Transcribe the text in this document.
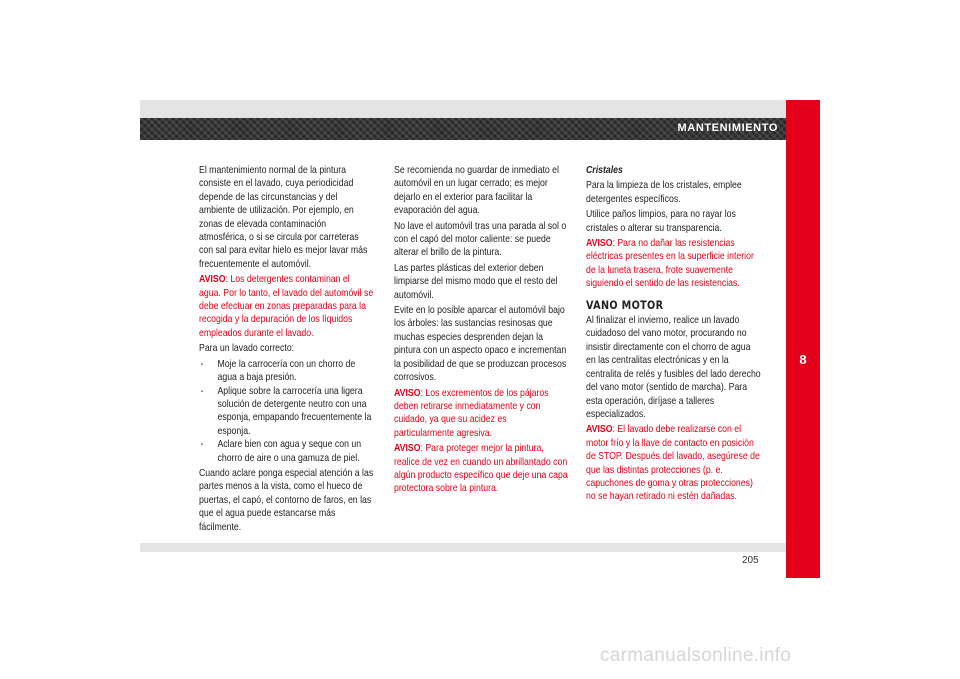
MANTENIMIENTO
8

El mantenimiento normal de la pintura consiste en el lavado, cuya periodicidad depende de las circunstancias y del ambiente de utilización. Por ejemplo, en zonas de elevada contaminación atmosférica, o si se circula por carreteras con sal para evitar hielo es mejor lavar más frecuentemente el automóvil.

AVISO: Los detergentes contaminan el agua. Por lo tanto, el lavado del automóvil se debe efectuar en zonas preparadas para la recogida y la depuración de los líquidos empleados durante el lavado.

Para un lavado correcto:

- Moje la carrocería con un chorro de agua a baja presión.
- Aplique sobre la carrocería una ligera solución de detergente neutro con una esponja, empapando frecuentemente la esponja.
- Aclare bien con agua y seque con un chorro de aire o una gamuza de piel.

Cuando aclare ponga especial atención a las partes menos a la vista, como el hueco de puertas, el capó, el contorno de faros, en las que el agua puede estancarse más fácilmente.

Se recomienda no guardar de inmediato el automóvil en un lugar cerrado; es mejor dejarlo en el exterior para facilitar la evaporación del agua.

No lave el automóvil tras una parada al sol o con el capó del motor caliente: se puede alterar el brillo de la pintura.

Las partes plásticas del exterior deben limpiarse del mismo modo que el resto del automóvil.

Evite en lo posible aparcar el automóvil bajo los árboles: las sustancias resinosas que muchas especies desprenden dejan la pintura con un aspecto opaco e incrementan la posibilidad de que se produzcan procesos corrosivos.

AVISO: Los excrementos de los pájaros deben retirarse inmediatamente y con cuidado, ya que su acidez es particularmente agresiva.

AVISO: Para proteger mejor la pintura, realice de vez en cuando un abrillantado con algún producto específico que deje una capa protectora sobre la pintura.

Cristales

Para la limpieza de los cristales, emplee detergentes específicos.

Utilice paños limpios, para no rayar los cristales o alterar su transparencia.

AVISO: Para no dañar las resistencias eléctricas presentes en la superficie interior de la luneta trasera, frote suavemente siguiendo el sentido de las resistencias.

VANO MOTOR

Al finalizar el invierno, realice un lavado cuidadoso del vano motor, procurando no insistir directamente con el chorro de agua en las centralitas electrónicas y en la centralita de relés y fusibles del lado derecho del vano motor (sentido de marcha). Para esta operación, diríjase a talleres especializados.

AVISO: El lavado debe realizarse con el motor frío y la llave de contacto en posición de STOP. Después del lavado, asegúrese de que las distintas protecciones (p. e. capuchones de goma y otras protecciones) no se hayan retirado ni estén dañadas.

205
carmanualsonline.info
